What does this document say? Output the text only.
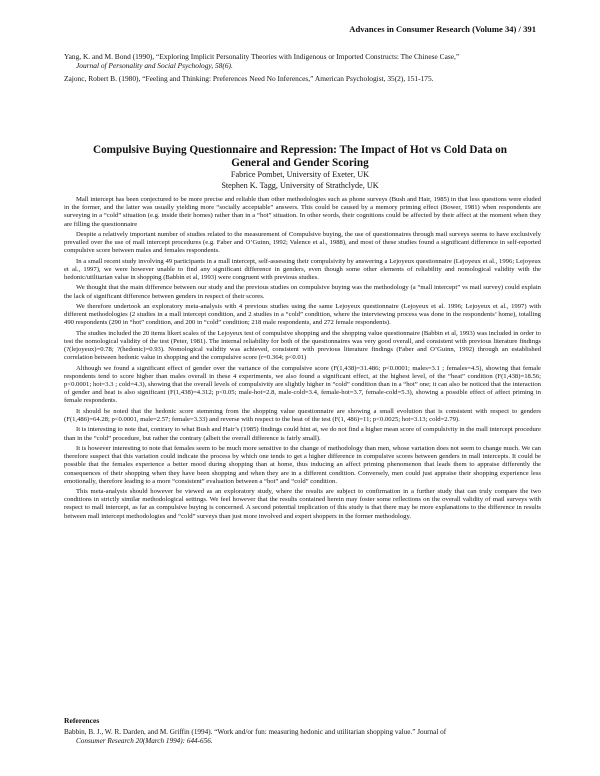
Advances in Consumer Research (Volume 34) / 391
Yang, K. and M. Bond (1990), “Exploring Implicit Personality Theories with Indigenous or Imported Constructs: The Chinese Case,”
Journal of Personality and Social Psychology, 58(6).
Zajonc, Robert B. (1980), “Feeling and Thinking: Preferences Need No Inferences,” American Psychologist, 35(2), 151-175.
Compulsive Buying Questionnaire and Repression: The Impact of Hot vs Cold Data on
General and Gender Scoring
Fabrice Pombet, University of Exeter, UK
Stephen K. Tagg, University of Strathclyde, UK

Mall intercept has been conjectured to be more precise and reliable than other methodologies such as phone surveys (Bush and Hair, 1985) in that less questions were eluded in the former, and the latter was usually yielding more “socially acceptable” answers. This could be caused by a memory priming effect (Bower, 1981) when respondents are surveying in a “cold” situation (e.g. inside their homes) rather than in a “hot” situation. In other words, their cognitions could be affected by their affect at the moment when they are filling the questionnaire

Despite a relatively important number of studies related to the measurement of Compulsive buying, the use of questionnaires through mail surveys seems to have exclusively prevailed over the use of mall intercept procedures (e.g. Faber and O’Guinn, 1992; Valence et al., 1988), and most of these studies found a significant difference in self-reported compulsive score between males and females respondents.

In a small recent study involving 49 participants in a mall intercept, self-assessing their compulsivity by answering a Lejoyeux questionnaire (Lejoyeux et al., 1996; Lejoyeux et al., 1997), we were however unable to find any significant difference in genders, even though some other elements of reliability and nomological validity with the hedonic/utilitarian value in shopping (Babbin et al, 1993) were congruent with previous studies.

We thought that the main difference between our study and the previous studies on compulsive buying was the methodology (a “mall intercept” vs mail survey) could explain the lack of significant difference between genders in respect of their scores.

We therefore undertook an exploratory meta-analysis with 4 previous studies using the same Lejoyeux questionnaire (Lejoyeux et al. 1996; Lejoyeux et al., 1997) with different methodologies (2 studies in a mall intercept condition, and 2 studies in a “cold” condition, where the interviewing process was done in the respondents’ home), totalling 490 respondents (290 in “hot” condition, and 200 in “cold” condition; 218 male respondents, and 272 female respondents).

The studies included the 20 items likert scales of the Lejoyeux test of compulsive shopping and the shopping value questionnaire (Babbin et al, 1993) was included in order to test the nomological validity of the test (Peter, 1981). The internal reliability for both of the questionnaires was very good overall, and consistent with previous literature findings (?(lejoyeux)=0.78; ?(hedonic)=0.93). Nomological validity was achieved, consistent with previous literature findings (Faber and O’Guinn, 1992) through an established correlation between hedonic value in shopping and the compulsive score (r=0.364; p<0.01)

Although we found a significant effect of gender over the variance of the compulsive score (F(1,438)=31.486; p<0.0001; males=3.1 ; females=4.5), showing that female respondents tend to score higher than males overall in these 4 experiments, we also found a significant effect, at the highest level, of the “heat” condition (F(1,438)=18.56; p<0.0001; hot=3.3 ; cold=4.3), showing that the overall levels of compulsivity are slightly higher in “cold” condition than in a “hot” one; it can also be noticed that the interaction of gender and heat is also significant (F(1,438)=4.312; p<0.05; male-hot=2.8, male-cold=3.4, female-hot=3.7, female-cold=5.3), showing a possible effect of affect priming in female respondents.

It should be noted that the hedonic score stemming from the shopping value questionnaire are showing a small evolution that is consistent with respect to genders (F(1,486)=64.28; p<0.0001, male=2.57; female=3.33) and reverse with respect to the heat of the test (F(1, 486)=11; p<0.0025; hot=3.13; cold=2.79).

It is interesting to note that, contrary to what Bush and Hair’s (1985) findings could hint at, we do not find a higher mean score of compulsivity in the mall intercept procedure than in the “cold” procedure, but rather the contrary (albeit the overall difference is fairly small).

It is however interesting to note that females seem to be much more sensitive to the change of methodology than men, whose variation does not seem to change much. We can therefore suspect that this variation could indicate the process by which one tends to get a higher difference in compulsive scores between genders in mall intercepts. It could be possible that the females experience a better mood during shopping than at home, thus inducing an affect priming phenomenon that leads them to appraise differently the consequences of their shopping when they have been shopping and when they are in a different condition. Conversely, men could just appraise their shopping experience less emotionally, therefore leading to a more “consistent” evaluation between a “hot” and “cold” condition.

This meta-analysis should however be viewed as an exploratory study, where the results are subject to confirmation in a further study that can truly compare the two conditions in strictly similar methodological settings. We feel however that the results contained herein may foster some reflections on the overall validity of mail surveys with respect to mall intercept, as far as compulsive buying is concerned. A second potential implication of this study is that there may be more explanations to the difference in results between mall intercept methodologies and “cold” surveys than just more involved and expert shoppers in the former methodology.

References
Babbin, B. J., W. R. Darden, and M. Griffin (1994). “Work and/or fun: measuring hedonic and utilitarian shopping value.” Journal of
Consumer Research 20(March 1994): 644-656.
